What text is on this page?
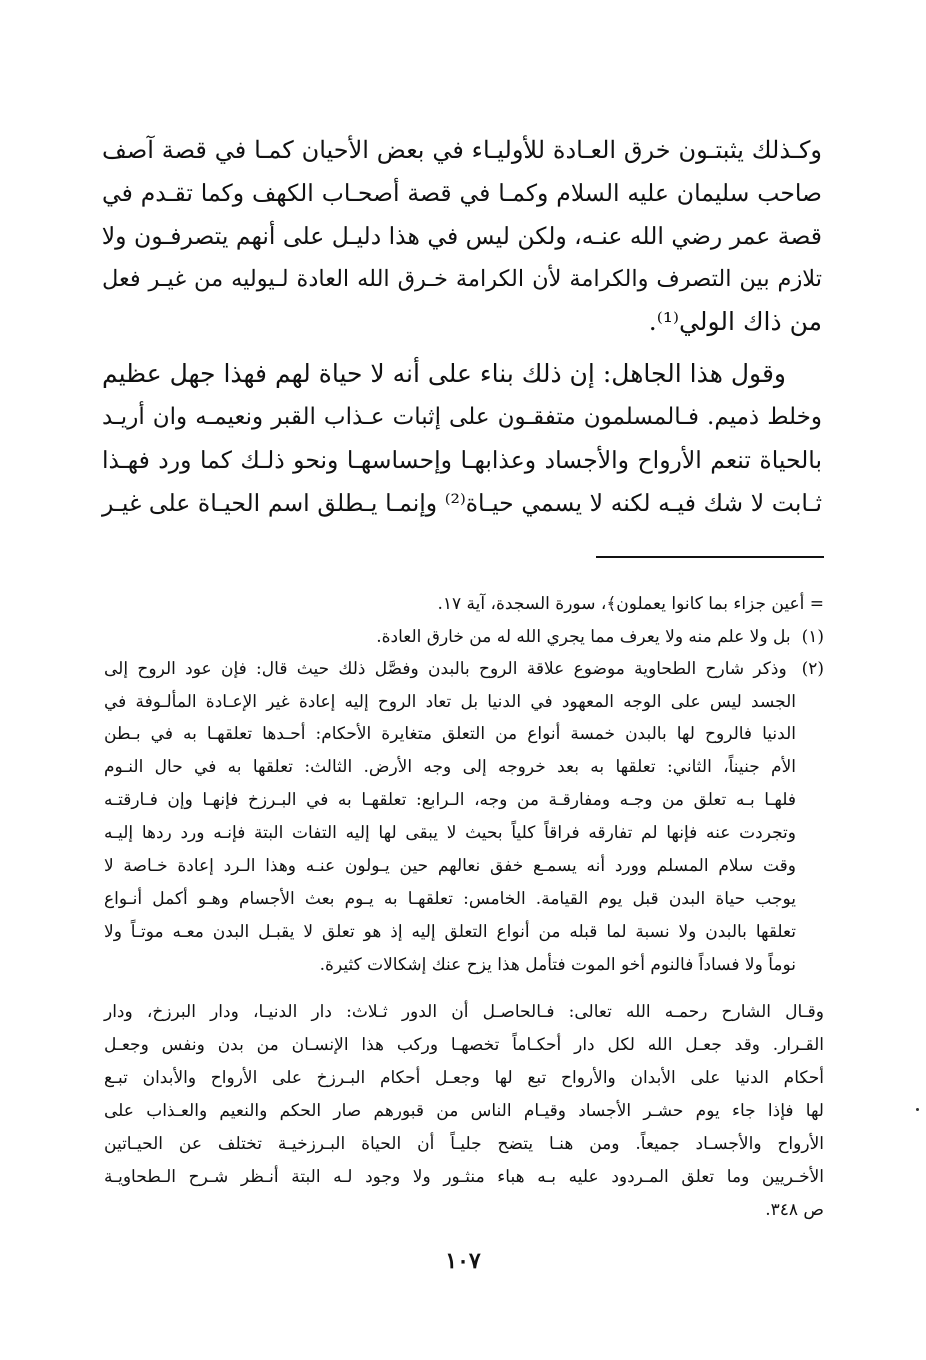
وكـذلك يثبتـون خرق العـادة للأوليـاء في بعض الأحيان كمـا في قصة آصف
صاحب سليمان عليه السلام وكمـا في قصة أصحـاب الكهف وكما تقـدم في
قصة عمر رضي الله عنـه، ولكن ليس في هذا دليـل على أنهم يتصرفـون ولا
تلازم بين التصرف والكرامة لأن الكرامة خـرق الله العادة لـيوليه من غيـر فعل
من ذاك الولي⁽¹⁾.
وقول هذا الجاهل: إن ذلك بناء على أنه لا حياة لهم فهذا جهل عظيم
وخلط ذميم. فـالمسلمون متفقـون على إثبات عـذاب القبر ونعيمـه وان أريـد
بالحياة تنعم الأرواح والأجساد وعذابهـا وإحساسهـا ونحو ذلـك كما ورد فهـذا
ثـابت لا شك فيـه لكنه لا يسمي حيـاة⁽²⁾ وإنمـا يـطلق اسم الحيـاة على غيـر
= أعين جزاء بما كانوا يعملون﴾، سورة السجدة، آية ١٧.
(١) بل ولا علم منه ولا يعرف مما يجري الله له من خارق العادة.
(٢) وذكر شارح الطحاوية موضوع علاقة الروح بالبدن وفصَّل ذلك حيث قال: فإن عود الروح إلى
الجسد ليس على الوجه المعهود في الدنيا بل تعاد الروح إليه إعادة غير الإعـادة المألـوفة في
الدنيا فالروح لها بالبدن خمسة أنواع من التعلق متغايرة الأحكام: أحـدها تعلقهـا به في بـطن
الأم جنيناً، الثاني: تعلقها به بعد خروجه إلى وجه الأرض. الثالث: تعلقها به في حال النـوم
فلهـا بـه تعلق من وجـه ومفارقـة من وجه، الـرابع: تعلقهـا به في البـرزخ فإنهـا وإن فـارقتـه
وتجردت عنه فإنها لم تفارقه فراقاً كلياً بحيث لا يبقى لها إليه التفات البتة فإنـه ورد ردها إليـه
وقت سلام المسلم وورد أنه يسمـع خفق نعالهم حين يـولون عنـه وهذا الـرد إعادة خـاصة لا
يوجب حياة البدن قبل يوم القيامة. الخامس: تعلقهـا به يـوم بعث الأجسام وهـو أكمل أنـواع
تعلقها بالبدن ولا نسبة لما قبله من أنواع التعلق إليه إذ هو تعلق لا يقبـل البدن معـه موتـاً ولا
نوماً ولا فساداً فالنوم أخو الموت فتأمل هذا يزح عنك إشكالات كثيرة.
وقـال الشارح رحمـه الله تعالى: فـالحاصـل أن الدور ثـلاث: دار الدنيـا، ودار البرزخ، ودار
القـرار. وقد جعـل الله لكل دار أحكـاماً تخصهـا وركب هذا الإنسـان من بدن ونفس وجعـل
أحكام الدنيا على الأبدان والأرواح تبع لها وجعـل أحكام البـرزخ على الأرواح والأبدان تبـع
لها فإذا جاء يوم حشـر الأجساد وقيـام الناس من قبورهم صار الحكم والنعيم والعـذاب على
الأرواح والأجسـاد جميعاً. ومن هنـا يتضح جليـاً أن الحياة البـرزخيـة تختلف عن الحيـاتين
الأخـريين وما تعلق المـردود عليه بـه هباء منثـور ولا وجود لـه البتة أنـظر شـرح الـطحاويـة
ص ٣٤٨.
١٠٧
